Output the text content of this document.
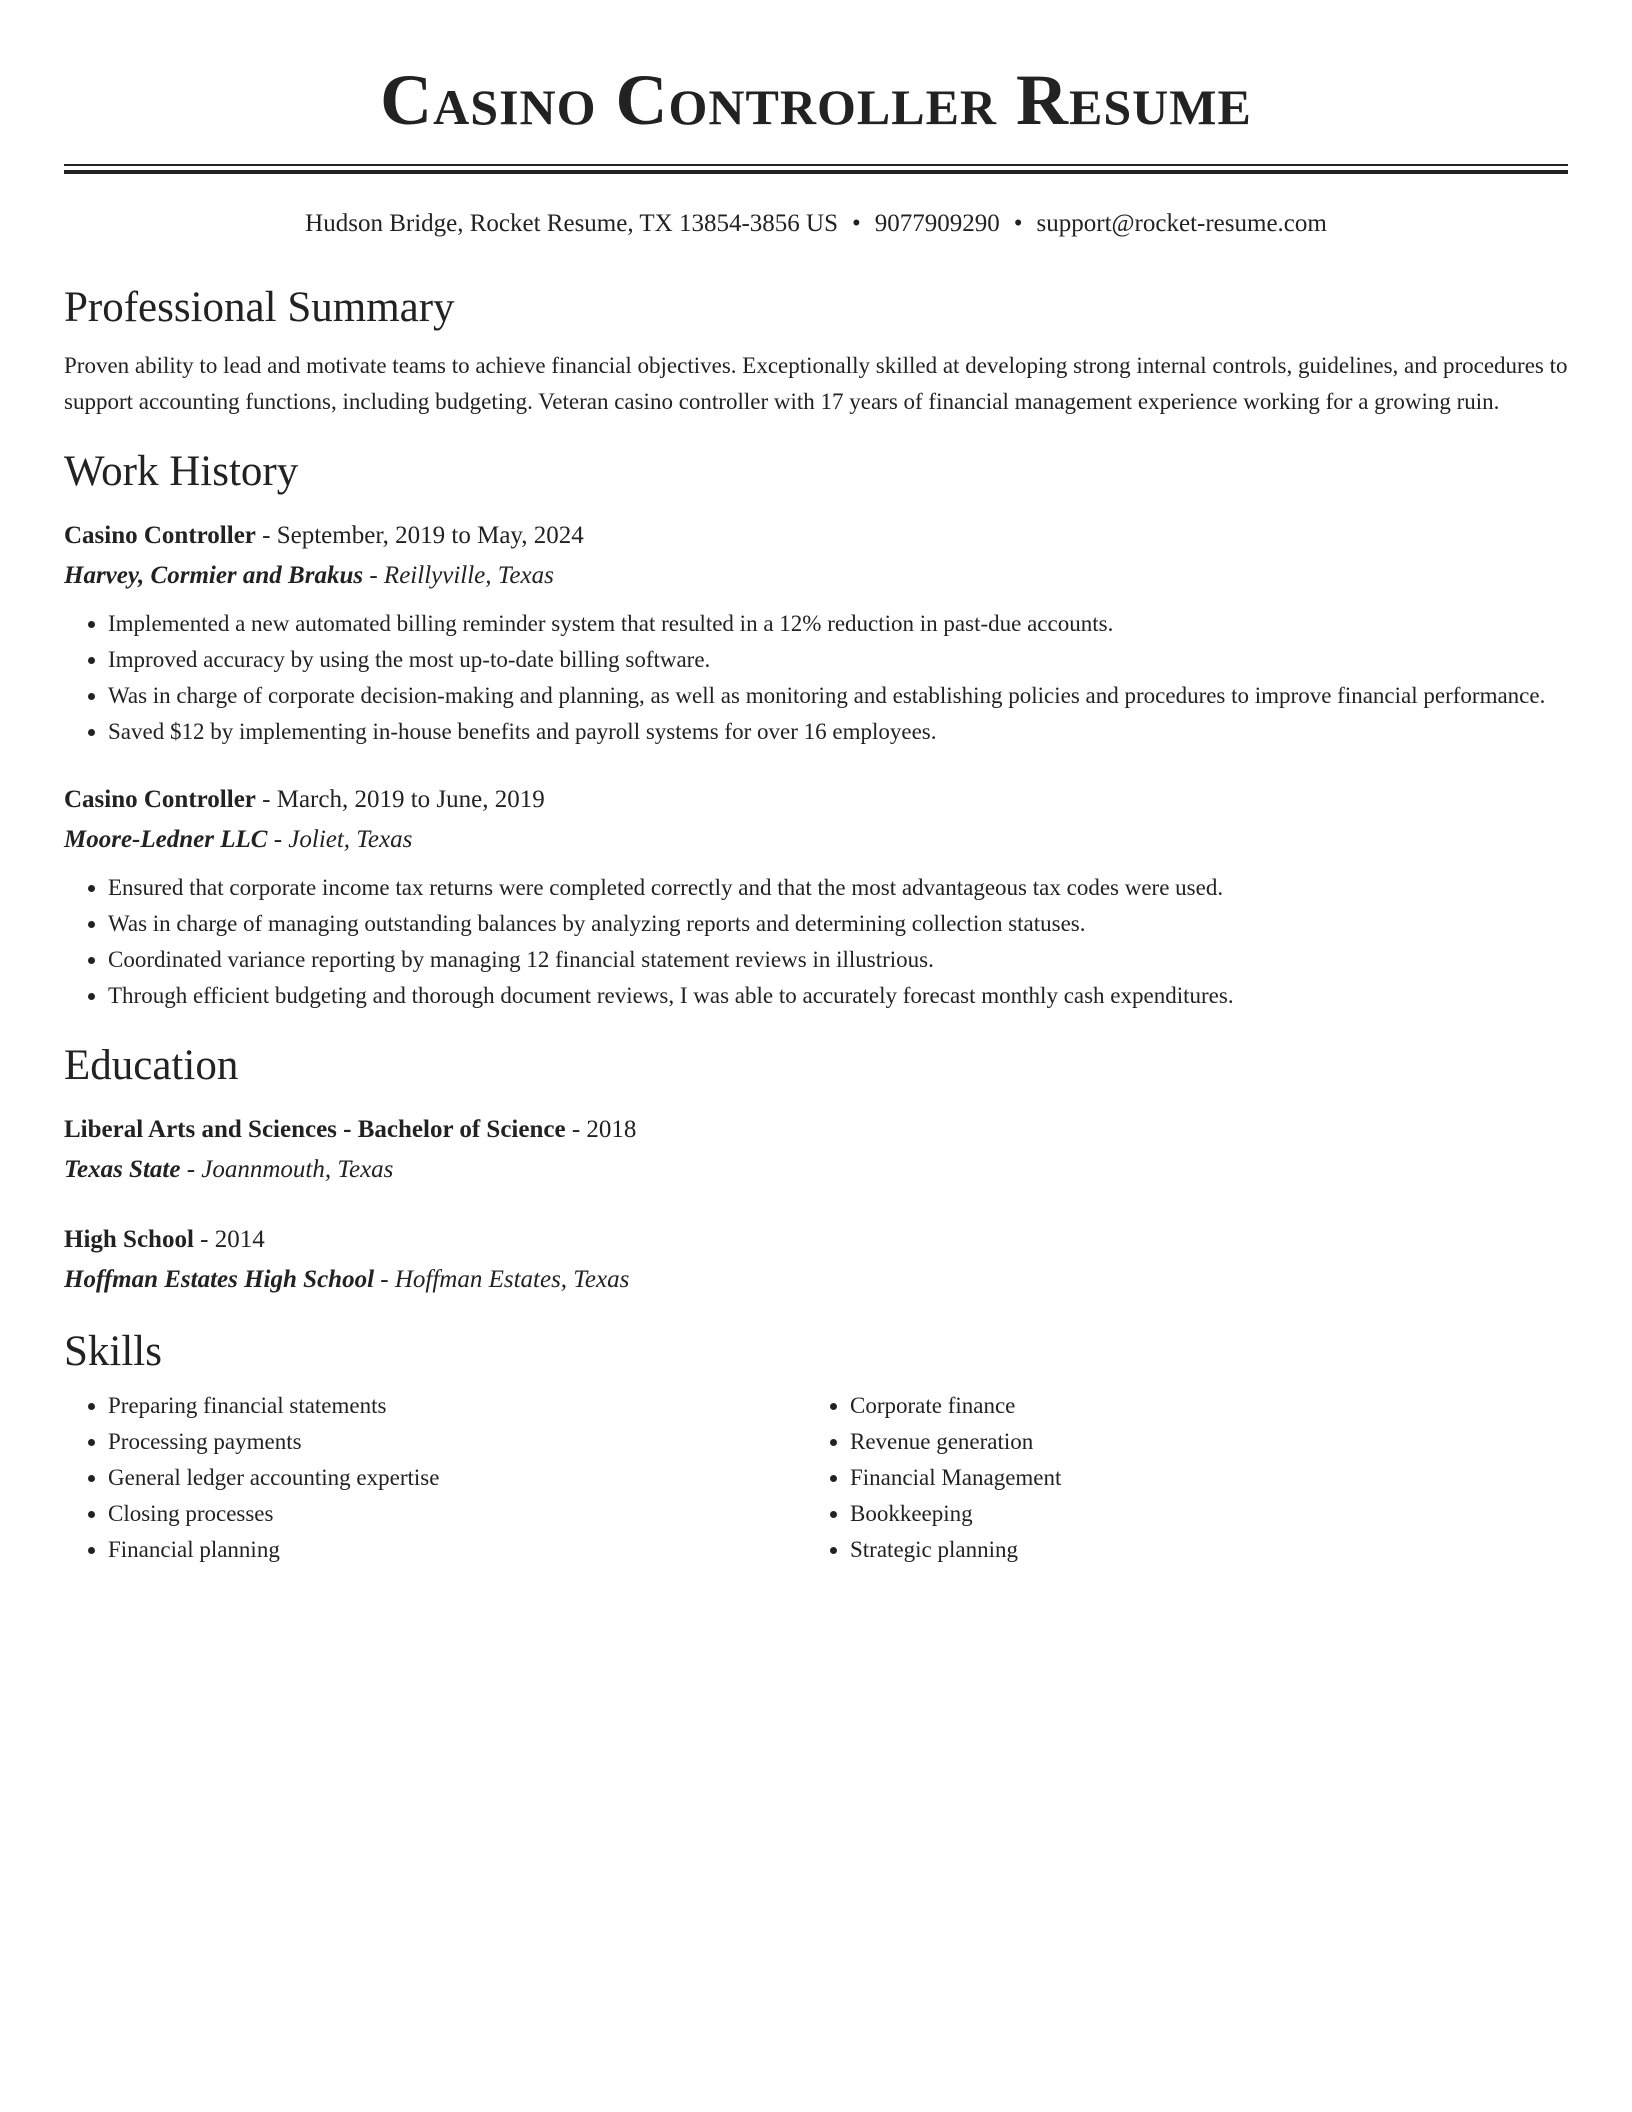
Casino Controller Resume
Hudson Bridge, Rocket Resume, TX 13854-3856 US • 9077909290 • support@rocket-resume.com
Professional Summary

Proven ability to lead and motivate teams to achieve financial objectives. Exceptionally skilled at developing strong internal controls, guidelines, and procedures to support accounting functions, including budgeting. Veteran casino controller with 17 years of financial management experience working for a growing ruin.

Work History
Casino Controller - September, 2019 to May, 2024
Harvey, Cormier and Brakus - Reillyville, Texas
• Implemented a new automated billing reminder system that resulted in a 12% reduction in past-due accounts.
• Improved accuracy by using the most up-to-date billing software.
• Was in charge of corporate decision-making and planning, as well as monitoring and establishing policies and procedures to improve financial performance.
• Saved $12 by implementing in-house benefits and payroll systems for over 16 employees.
Casino Controller - March, 2019 to June, 2019
Moore-Ledner LLC - Joliet, Texas
• Ensured that corporate income tax returns were completed correctly and that the most advantageous tax codes were used.
• Was in charge of managing outstanding balances by analyzing reports and determining collection statuses.
• Coordinated variance reporting by managing 12 financial statement reviews in illustrious.
• Through efficient budgeting and thorough document reviews, I was able to accurately forecast monthly cash expenditures.
Education
Liberal Arts and Sciences - Bachelor of Science - 2018
Texas State - Joannmouth, Texas
High School - 2014
Hoffman Estates High School - Hoffman Estates, Texas
Skills
• Preparing financial statements
• Processing payments
• General ledger accounting expertise
• Closing processes
• Financial planning
• Corporate finance
• Revenue generation
• Financial Management
• Bookkeeping
• Strategic planning
